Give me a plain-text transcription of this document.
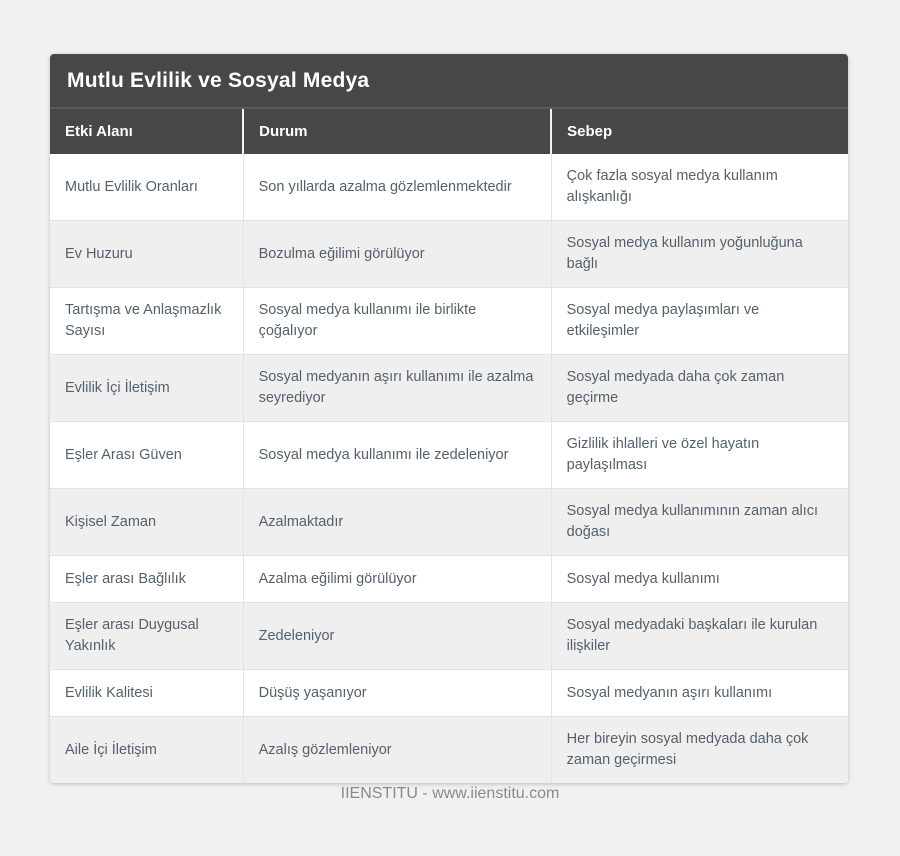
Mutlu Evlilik ve Sosyal Medya
Etki Alanı	Durum	Sebep
Mutlu Evlilik Oranları	Son yıllarda azalma gözlemlenmektedir	Çok fazla sosyal medya kullanım alışkanlığı
Ev Huzuru	Bozulma eğilimi görülüyor	Sosyal medya kullanım yoğunluğuna bağlı
Tartışma ve Anlaşmazlık Sayısı	Sosyal medya kullanımı ile birlikte çoğalıyor	Sosyal medya paylaşımları ve etkileşimler
Evlilik İçi İletişim	Sosyal medyanın aşırı kullanımı ile azalma seyrediyor	Sosyal medyada daha çok zaman geçirme
Eşler Arası Güven	Sosyal medya kullanımı ile zedeleniyor	Gizlilik ihlalleri ve özel hayatın paylaşılması
Kişisel Zaman	Azalmaktadır	Sosyal medya kullanımının zaman alıcı doğası
Eşler arası Bağlılık	Azalma eğilimi görülüyor	Sosyal medya kullanımı
Eşler arası Duygusal Yakınlık	Zedeleniyor	Sosyal medyadaki başkaları ile kurulan ilişkiler
Evlilik Kalitesi	Düşüş yaşanıyor	Sosyal medyanın aşırı kullanımı
Aile İçi İletişim	Azalış gözlemleniyor	Her bireyin sosyal medyada daha çok zaman geçirmesi
IIENSTITU - www.iienstitu.com
